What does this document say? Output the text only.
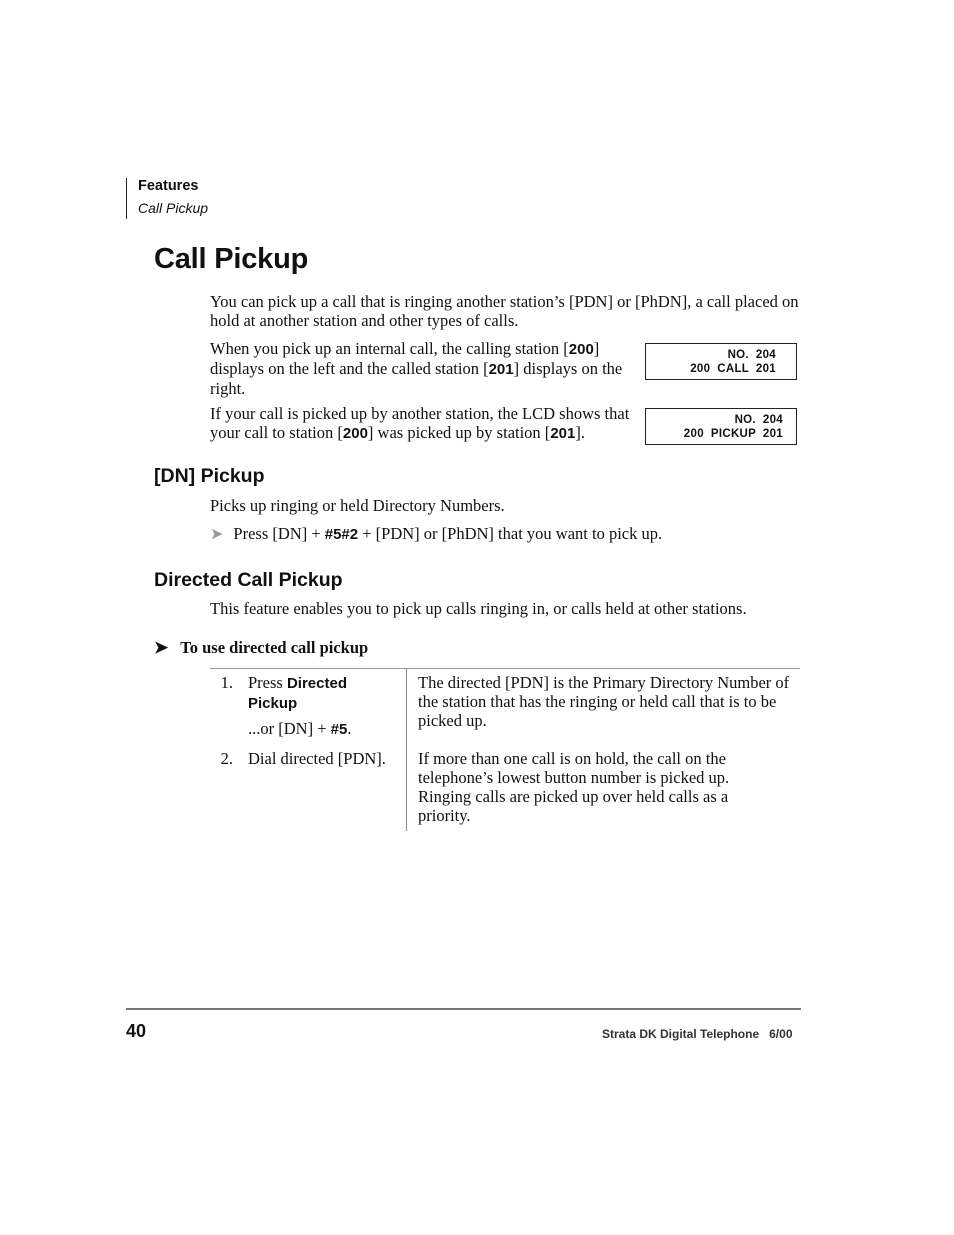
Features
Call Pickup
Call Pickup
You can pick up a call that is ringing another station’s [PDN] or [PhDN], a call placed on hold at another station and other types of calls.
When you pick up an internal call, the calling station [200] displays on the left and the called station [201] displays on the right.
If your call is picked up by another station, the LCD shows that your call to station [200] was picked up by station [201].
NO.  204
200  CALL  201
NO.  204
200  PICKUP  201
[DN] Pickup
Picks up ringing or held Directory Numbers.
➤ Press [DN] + #5#2 + [PDN] or [PhDN] that you want to pick up.
Directed Call Pickup
This feature enables you to pick up calls ringing in, or calls held at other stations.
➤ To use directed call pickup
1. Press Directed Pickup
...or [DN] + #5.
The directed [PDN] is the Primary Directory Number of the station that has the ringing or held call that is to be picked up.
2. Dial directed [PDN]. If more than one call is on hold, the call on the telephone’s lowest button number is picked up. Ringing calls are picked up over held calls as a priority.
40	Strata DK Digital Telephone   6/00
